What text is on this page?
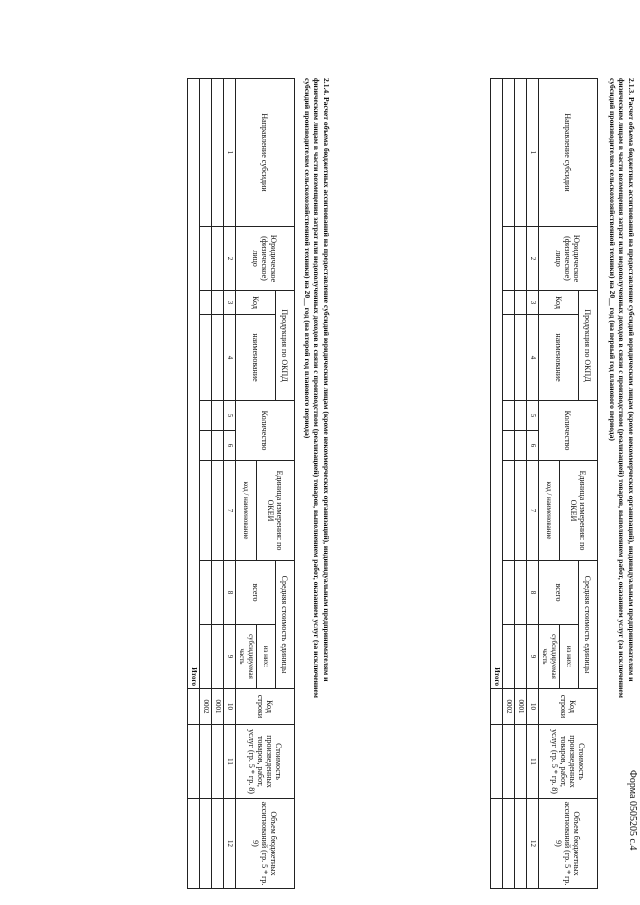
Форма 0505205 с.4

2.1.3. Расчет объема бюджетных ассигнований на предоставление субсидий юридическим лицам (кроме некоммерческих организаций), индивидуальным предпринимателям и

физическим лицам в части возмещения затрат или недополученных доходов в связи с производством (реализацией) товаров, выполнением работ, оказанием услуг (за исключением

субсидий производителям сельскохозяйственной техники) на 20__ год (на первый год планового периода)

Направление субсидии	Юридическое (физическое) лицо	Продукция по ОКПД		Количество		Единица измерения: по ОКЕИ	Средняя стоимость единицы		Код строки	Стоимость произведенных товаров, работ, услуг (гр. 5 * гр. 8)	Объем бюджетных ассигнований (гр. 5 * гр. 9)
		Код	наименование				всего	из них:			
						код / наименование		субсидируемая часть			
1	2	3	4	5	6	7	8	9	10	11	12
									0001		
									0002		
Итого											

2.1.4. Расчет объема бюджетных ассигнований на предоставление субсидий юридическим лицам (кроме некоммерческих организаций), индивидуальным предпринимателям и

физическим лицам в части возмещения затрат или недополученных доходов в связи с производством (реализацией) товаров, выполнением работ, оказанием услуг (за исключением

субсидий производителям сельскохозяйственной техники) на 20__ год (на второй год планового периода)

Направление субсидии	Юридическое (физическое) лицо	Продукция по ОКПД		Количество		Единица измерения: по ОКЕИ	Средняя стоимость единицы		Код строки	Стоимость произведенных товаров, работ, услуг (гр. 5 * гр. 8)	Объем бюджетных ассигнований (гр. 5 * гр. 9)
		Код	наименование				всего	из них:			
						код / наименование		субсидируемая часть			
1	2	3	4	5	6	7	8	9	10	11	12
									0001		
									0002		
Итого											
